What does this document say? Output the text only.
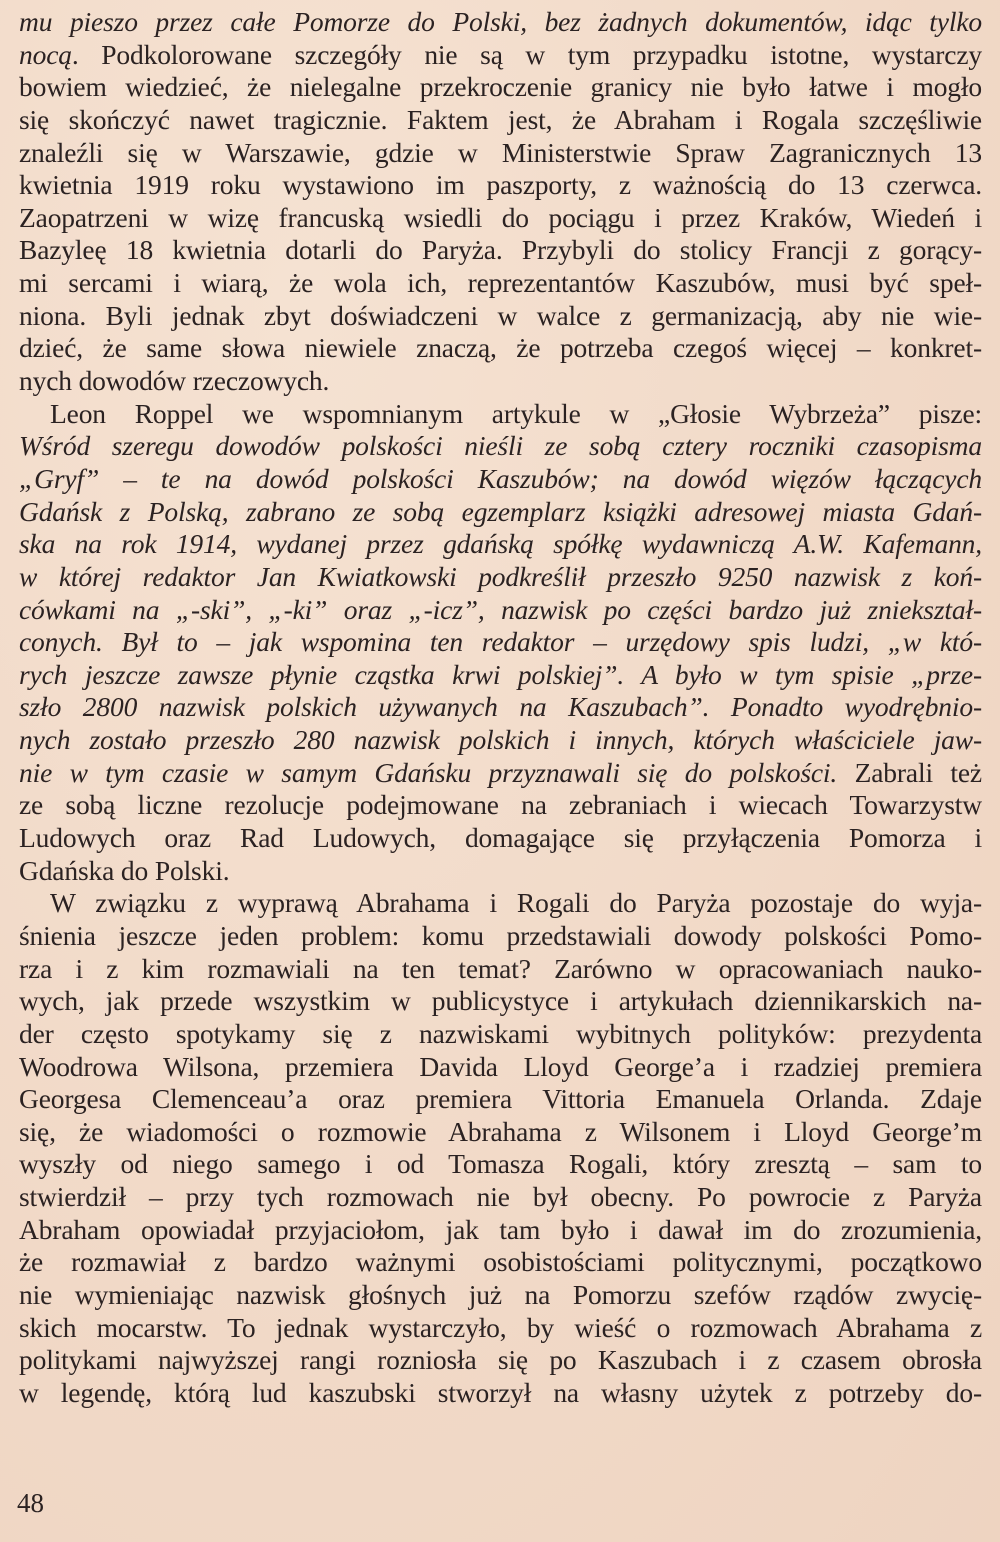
mu pieszo przez całe Pomorze do Polski, bez żadnych dokumentów, idąc tylko
nocą. Podkolorowane szczegóły nie są w tym przypadku istotne, wystarczy
bowiem wiedzieć, że nielegalne przekroczenie granicy nie było łatwe i mogło
się skończyć nawet tragicznie. Faktem jest, że Abraham i Rogala szczęśliwie
znaleźli się w Warszawie, gdzie w Ministerstwie Spraw Zagranicznych 13
kwietnia 1919 roku wystawiono im paszporty, z ważnością do 13 czerwca.
Zaopatrzeni w wizę francuską wsiedli do pociągu i przez Kraków, Wiedeń i
Bazyleę 18 kwietnia dotarli do Paryża. Przybyli do stolicy Francji z gorący-
mi sercami i wiarą, że wola ich, reprezentantów Kaszubów, musi być speł-
niona. Byli jednak zbyt doświadczeni w walce z germanizacją, aby nie wie-
dzieć, że same słowa niewiele znaczą, że potrzeba czegoś więcej – konkret-
nych dowodów rzeczowych.
Leon Roppel we wspomnianym artykule w „Głosie Wybrzeża” pisze:
Wśród szeregu dowodów polskości nieśli ze sobą cztery roczniki czasopisma
„Gryf” – te na dowód polskości Kaszubów; na dowód więzów łączących
Gdańsk z Polską, zabrano ze sobą egzemplarz książki adresowej miasta Gdań-
ska na rok 1914, wydanej przez gdańską spółkę wydawniczą A.W. Kafemann,
w której redaktor Jan Kwiatkowski podkreślił przeszło 9250 nazwisk z koń-
cówkami na „-ski”, „-ki” oraz „-icz”, nazwisk po części bardzo już zniekształ-
conych. Był to – jak wspomina ten redaktor – urzędowy spis ludzi, „w któ-
rych jeszcze zawsze płynie cząstka krwi polskiej”. A było w tym spisie „prze-
szło 2800 nazwisk polskich używanych na Kaszubach”. Ponadto wyodrębnio-
nych zostało przeszło 280 nazwisk polskich i innych, których właściciele jaw-
nie w tym czasie w samym Gdańsku przyznawali się do polskości. Zabrali też
ze sobą liczne rezolucje podejmowane na zebraniach i wiecach Towarzystw
Ludowych oraz Rad Ludowych, domagające się przyłączenia Pomorza i
Gdańska do Polski.
W związku z wyprawą Abrahama i Rogali do Paryża pozostaje do wyja-
śnienia jeszcze jeden problem: komu przedstawiali dowody polskości Pomo-
rza i z kim rozmawiali na ten temat? Zarówno w opracowaniach nauko-
wych, jak przede wszystkim w publicystyce i artykułach dziennikarskich na-
der często spotykamy się z nazwiskami wybitnych polityków: prezydenta
Woodrowa Wilsona, przemiera Davida Lloyd George’a i rzadziej premiera
Georgesa Clemenceau’a oraz premiera Vittoria Emanuela Orlanda. Zdaje
się, że wiadomości o rozmowie Abrahama z Wilsonem i Lloyd George’m
wyszły od niego samego i od Tomasza Rogali, który zresztą – sam to
stwierdził – przy tych rozmowach nie był obecny. Po powrocie z Paryża
Abraham opowiadał przyjaciołom, jak tam było i dawał im do zrozumienia,
że rozmawiał z bardzo ważnymi osobistościami politycznymi, początkowo
nie wymieniając nazwisk głośnych już na Pomorzu szefów rządów zwycię-
skich mocarstw. To jednak wystarczyło, by wieść o rozmowach Abrahama z
politykami najwyższej rangi rozniosła się po Kaszubach i z czasem obrosła
w legendę, którą lud kaszubski stworzył na własny użytek z potrzeby do-
48
